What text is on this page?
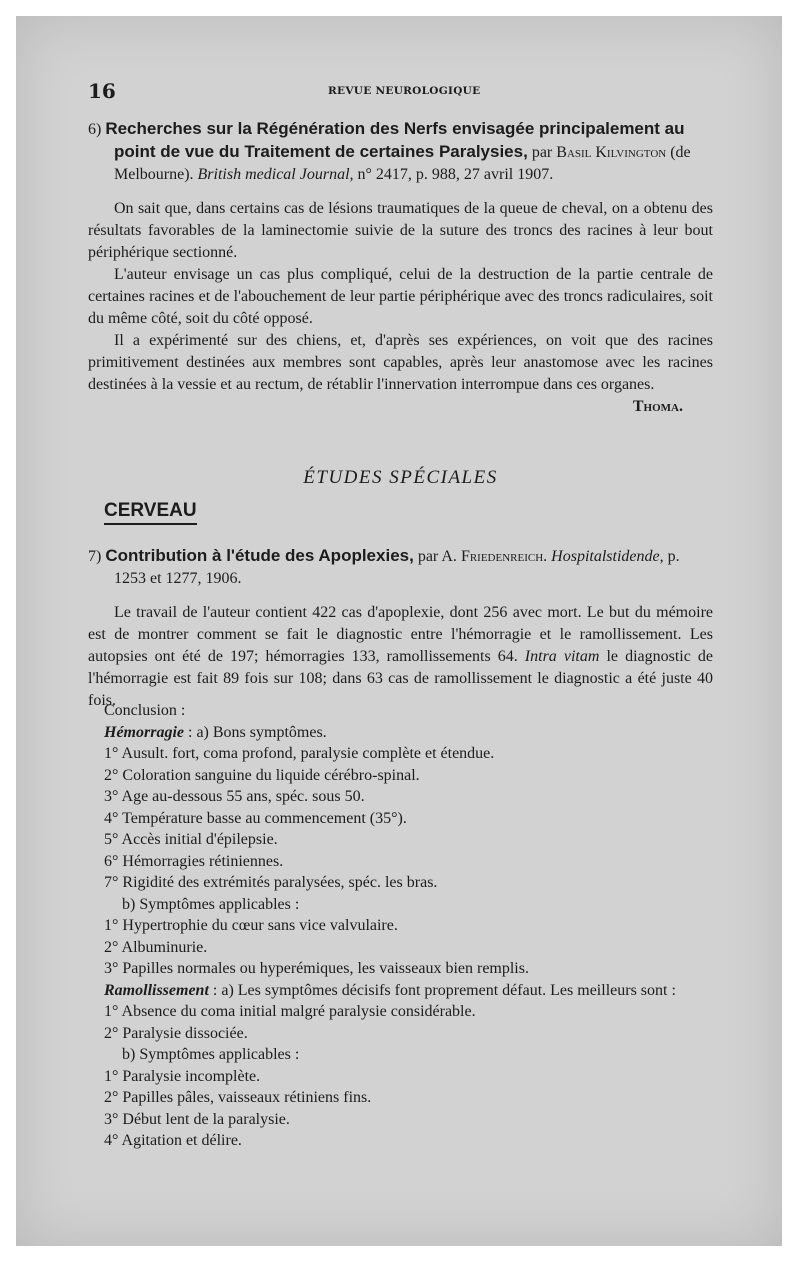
16	REVUE NEUROLOGIQUE
6) Recherches sur la Régénération des Nerfs envisagée principalement au point de vue du Traitement de certaines Paralysies, par Basil Kilvington (de Melbourne). British medical Journal, n° 2417, p. 988, 27 avril 1907.

On sait que, dans certains cas de lésions traumatiques de la queue de cheval, on a obtenu des résultats favorables de la laminectomie suivie de la suture des troncs des racines à leur bout périphérique sectionné.

L'auteur envisage un cas plus compliqué, celui de la destruction de la partie centrale de certaines racines et de l'abouchement de leur partie périphérique avec des troncs radiculaires, soit du même côté, soit du côté opposé.

Il a expérimenté sur des chiens, et, d'après ses expériences, on voit que des racines primitivement destinées aux membres sont capables, après leur anastomose avec les racines destinées à la vessie et au rectum, de rétablir l'innervation interrompue dans ces organes.
Thoma.

ÉTUDES SPÉCIALES
CERVEAU
7) Contribution à l'étude des Apoplexies, par A. Friedenreich. Hospitalstidende, p. 1253 et 1277, 1906.

Le travail de l'auteur contient 422 cas d'apoplexie, dont 256 avec mort. Le but du mémoire est de montrer comment se fait le diagnostic entre l'hémorragie et le ramollissement. Les autopsies ont été de 197; hémorragies 133, ramollissements 64. Intra vitam le diagnostic de l'hémorragie est fait 89 fois sur 108; dans 63 cas de ramollissement le diagnostic a été juste 40 fois.

Conclusion :
Hémorragie : a) Bons symptômes.
1° Ausult. fort, coma profond, paralysie complète et étendue.
2° Coloration sanguine du liquide cérébro-spinal.
3° Age au-dessous 55 ans, spéc. sous 50.
4° Température basse au commencement (35°).
5° Accès initial d'épilepsie.
6° Hémorragies rétiniennes.
7° Rigidité des extrémités paralysées, spéc. les bras.
b) Symptômes applicables :
1° Hypertrophie du cœur sans vice valvulaire.
2° Albuminurie.
3° Papilles normales ou hyperémiques, les vaisseaux bien remplis.
Ramollissement : a) Les symptômes décisifs font proprement défaut. Les meilleurs sont :
1° Absence du coma initial malgré paralysie considérable.
2° Paralysie dissociée.
b) Symptômes applicables :
1° Paralysie incomplète.
2° Papilles pâles, vaisseaux rétiniens fins.
3° Début lent de la paralysie.
4° Agitation et délire.
